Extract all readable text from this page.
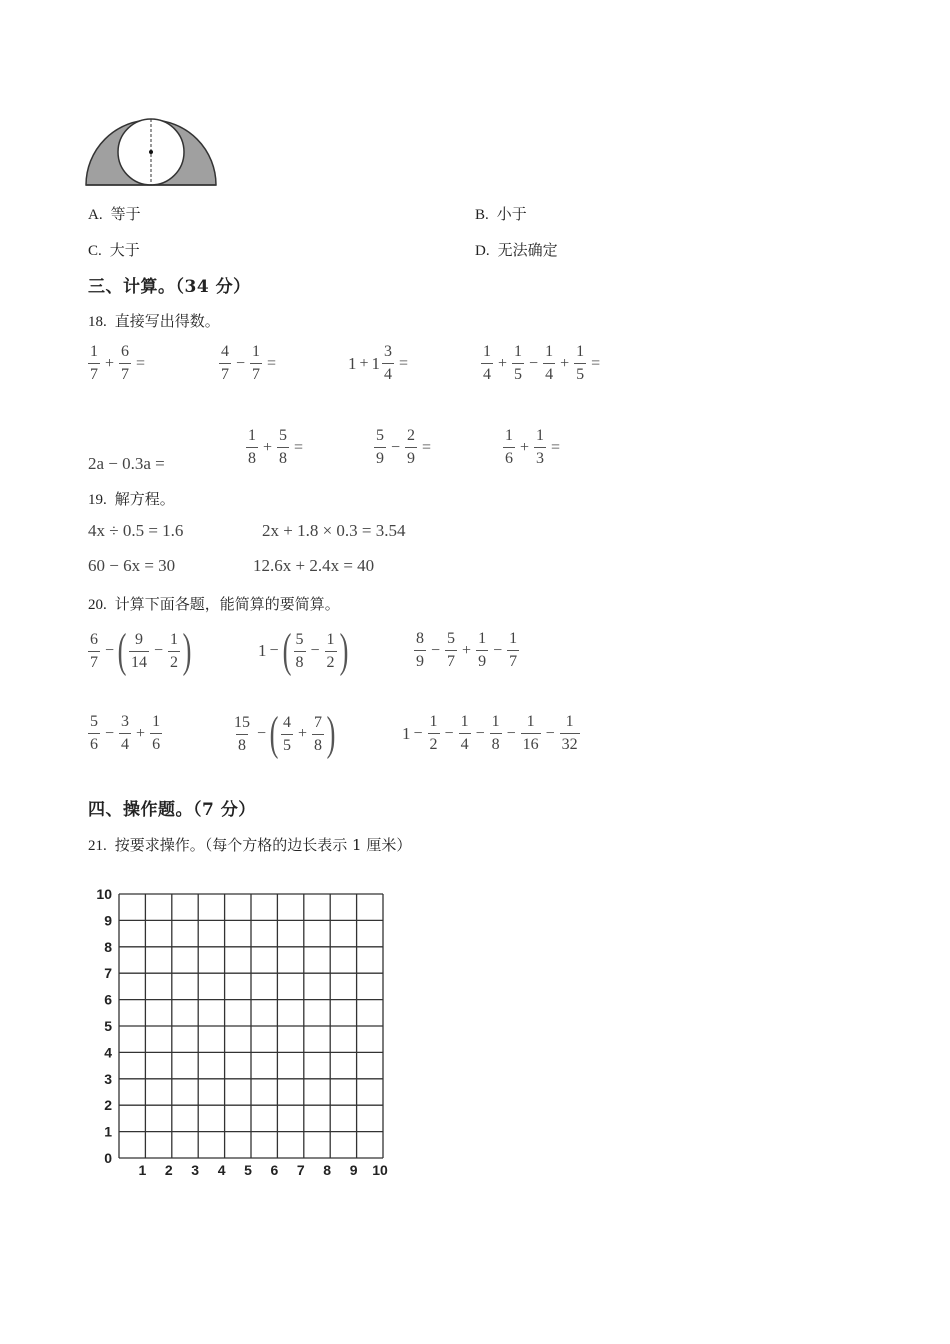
A. 等于	B. 小于
C. 大于	D. 无法确定
三、计算。（34 分）
18. 直接写出得数。
$\frac{1}{7} + \frac{6}{7}$ =	$\frac{4}{7} - \frac{1}{7}$ =	$1 + 1 \frac{3}{4}$ =	$\frac{1}{4} + \frac{1}{5} - \frac{1}{4} + \frac{1}{5}$ =
2a − 0.3a =	$\frac{1}{8} + \frac{5}{8}$ =	$\frac{5}{9} - \frac{2}{9}$ =	$\frac{1}{6} + \frac{1}{3}$ =
19. 解方程。
4x ÷ 0.5 = 1.6	2x + 1.8 × 0.3 = 3.54
60 − 6x = 30	12.6x + 2.4x = 40
20. 计算下面各题，能简算的要简算。
$\frac{6}{7}$ − ( $\frac{9}{14} - \frac{1}{2}$ )	1 − ( $\frac{5}{8} - \frac{1}{2}$ )	$\frac{8}{9} - \frac{5}{7} + \frac{1}{9} - \frac{1}{7}$
$\frac{5}{6} - \frac{3}{4} + \frac{1}{6}$	$\frac{15}{8}$ − ( $\frac{4}{5} + \frac{7}{8}$ )	$1 - \frac{1}{2} - \frac{1}{4} - \frac{1}{8} - \frac{1}{16} - \frac{1}{32}$
四、操作题。（7 分）
21. 按要求操作。（每个方格的边长表示 1 厘米）
10
9
8
7
6
5
4
3
2
1
0
1 2 3 4 5 6 7 8 9 10
